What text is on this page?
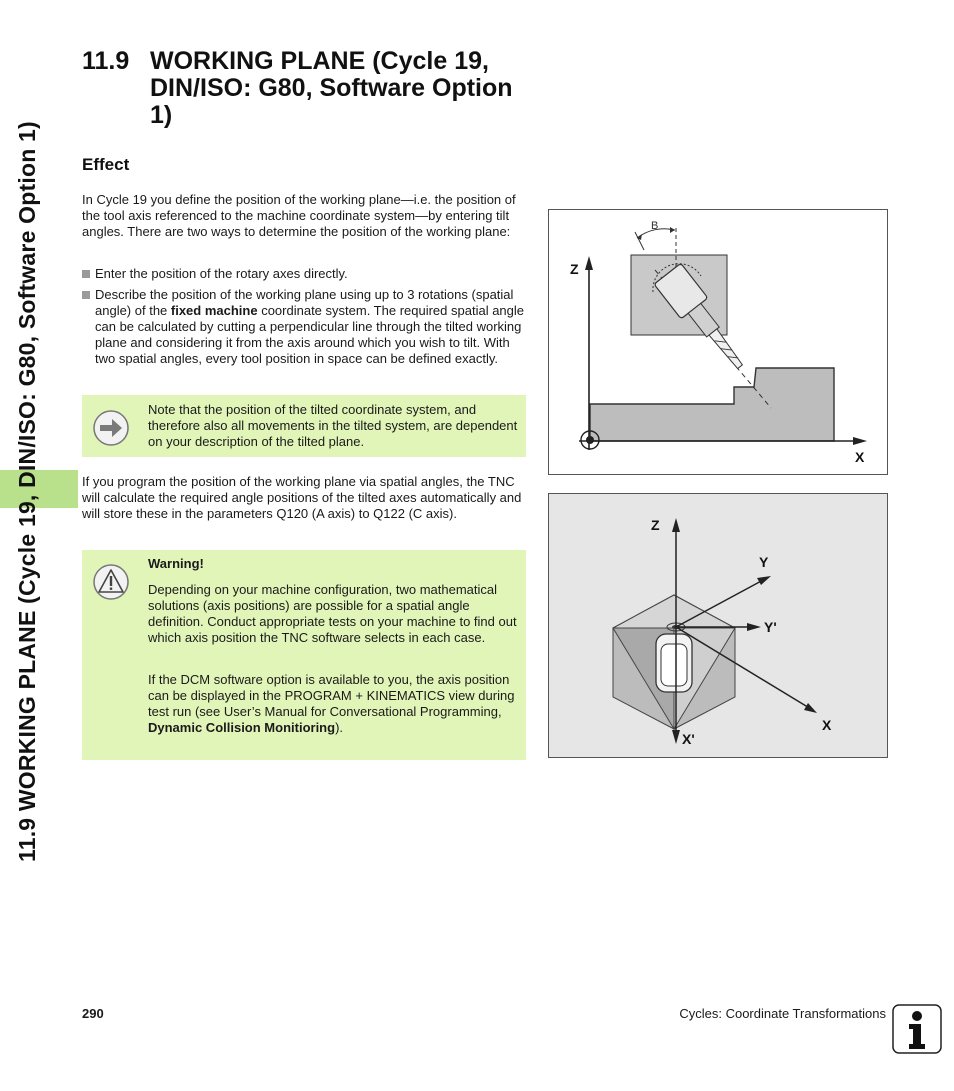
11.9 WORKING PLANE (Cycle 19, DIN/ISO: G80, Software Option 1)
11.9 WORKING PLANE (Cycle 19, DIN/ISO: G80, Software Option 1)
Effect
In Cycle 19 you define the position of the working plane—i.e. the position of the tool axis referenced to the machine coordinate system—by entering tilt angles. There are two ways to determine the position of the working plane:
Enter the position of the rotary axes directly.
Describe the position of the working plane using up to 3 rotations (spatial angle) of the fixed machine coordinate system. The required spatial angle can be calculated by cutting a perpendicular line through the tilted working plane and considering it from the axis around which you wish to tilt. With two spatial angles, every tool position in space can be defined exactly.
Note that the position of the tilted coordinate system, and therefore also all movements in the tilted system, are dependent on your description of the tilted plane.
If you program the position of the working plane via spatial angles, the TNC will calculate the required angle positions of the tilted axes automatically and will store these in the parameters Q120 (A axis) to Q122 (C axis).
Warning!
Depending on your machine configuration, two mathematical solutions (axis positions) are possible for a spatial angle definition. Conduct appropriate tests on your machine to find out which axis position the TNC software selects in each case.
If the DCM software option is available to you, the axis position can be displayed in the PROGRAM + KINEMATICS view during test run (see User’s Manual for Conversational Programming, Dynamic Collision Monitioring).
B
Z
X
Z
Y
Y'
X
X'
290	Cycles: Coordinate Transformations
